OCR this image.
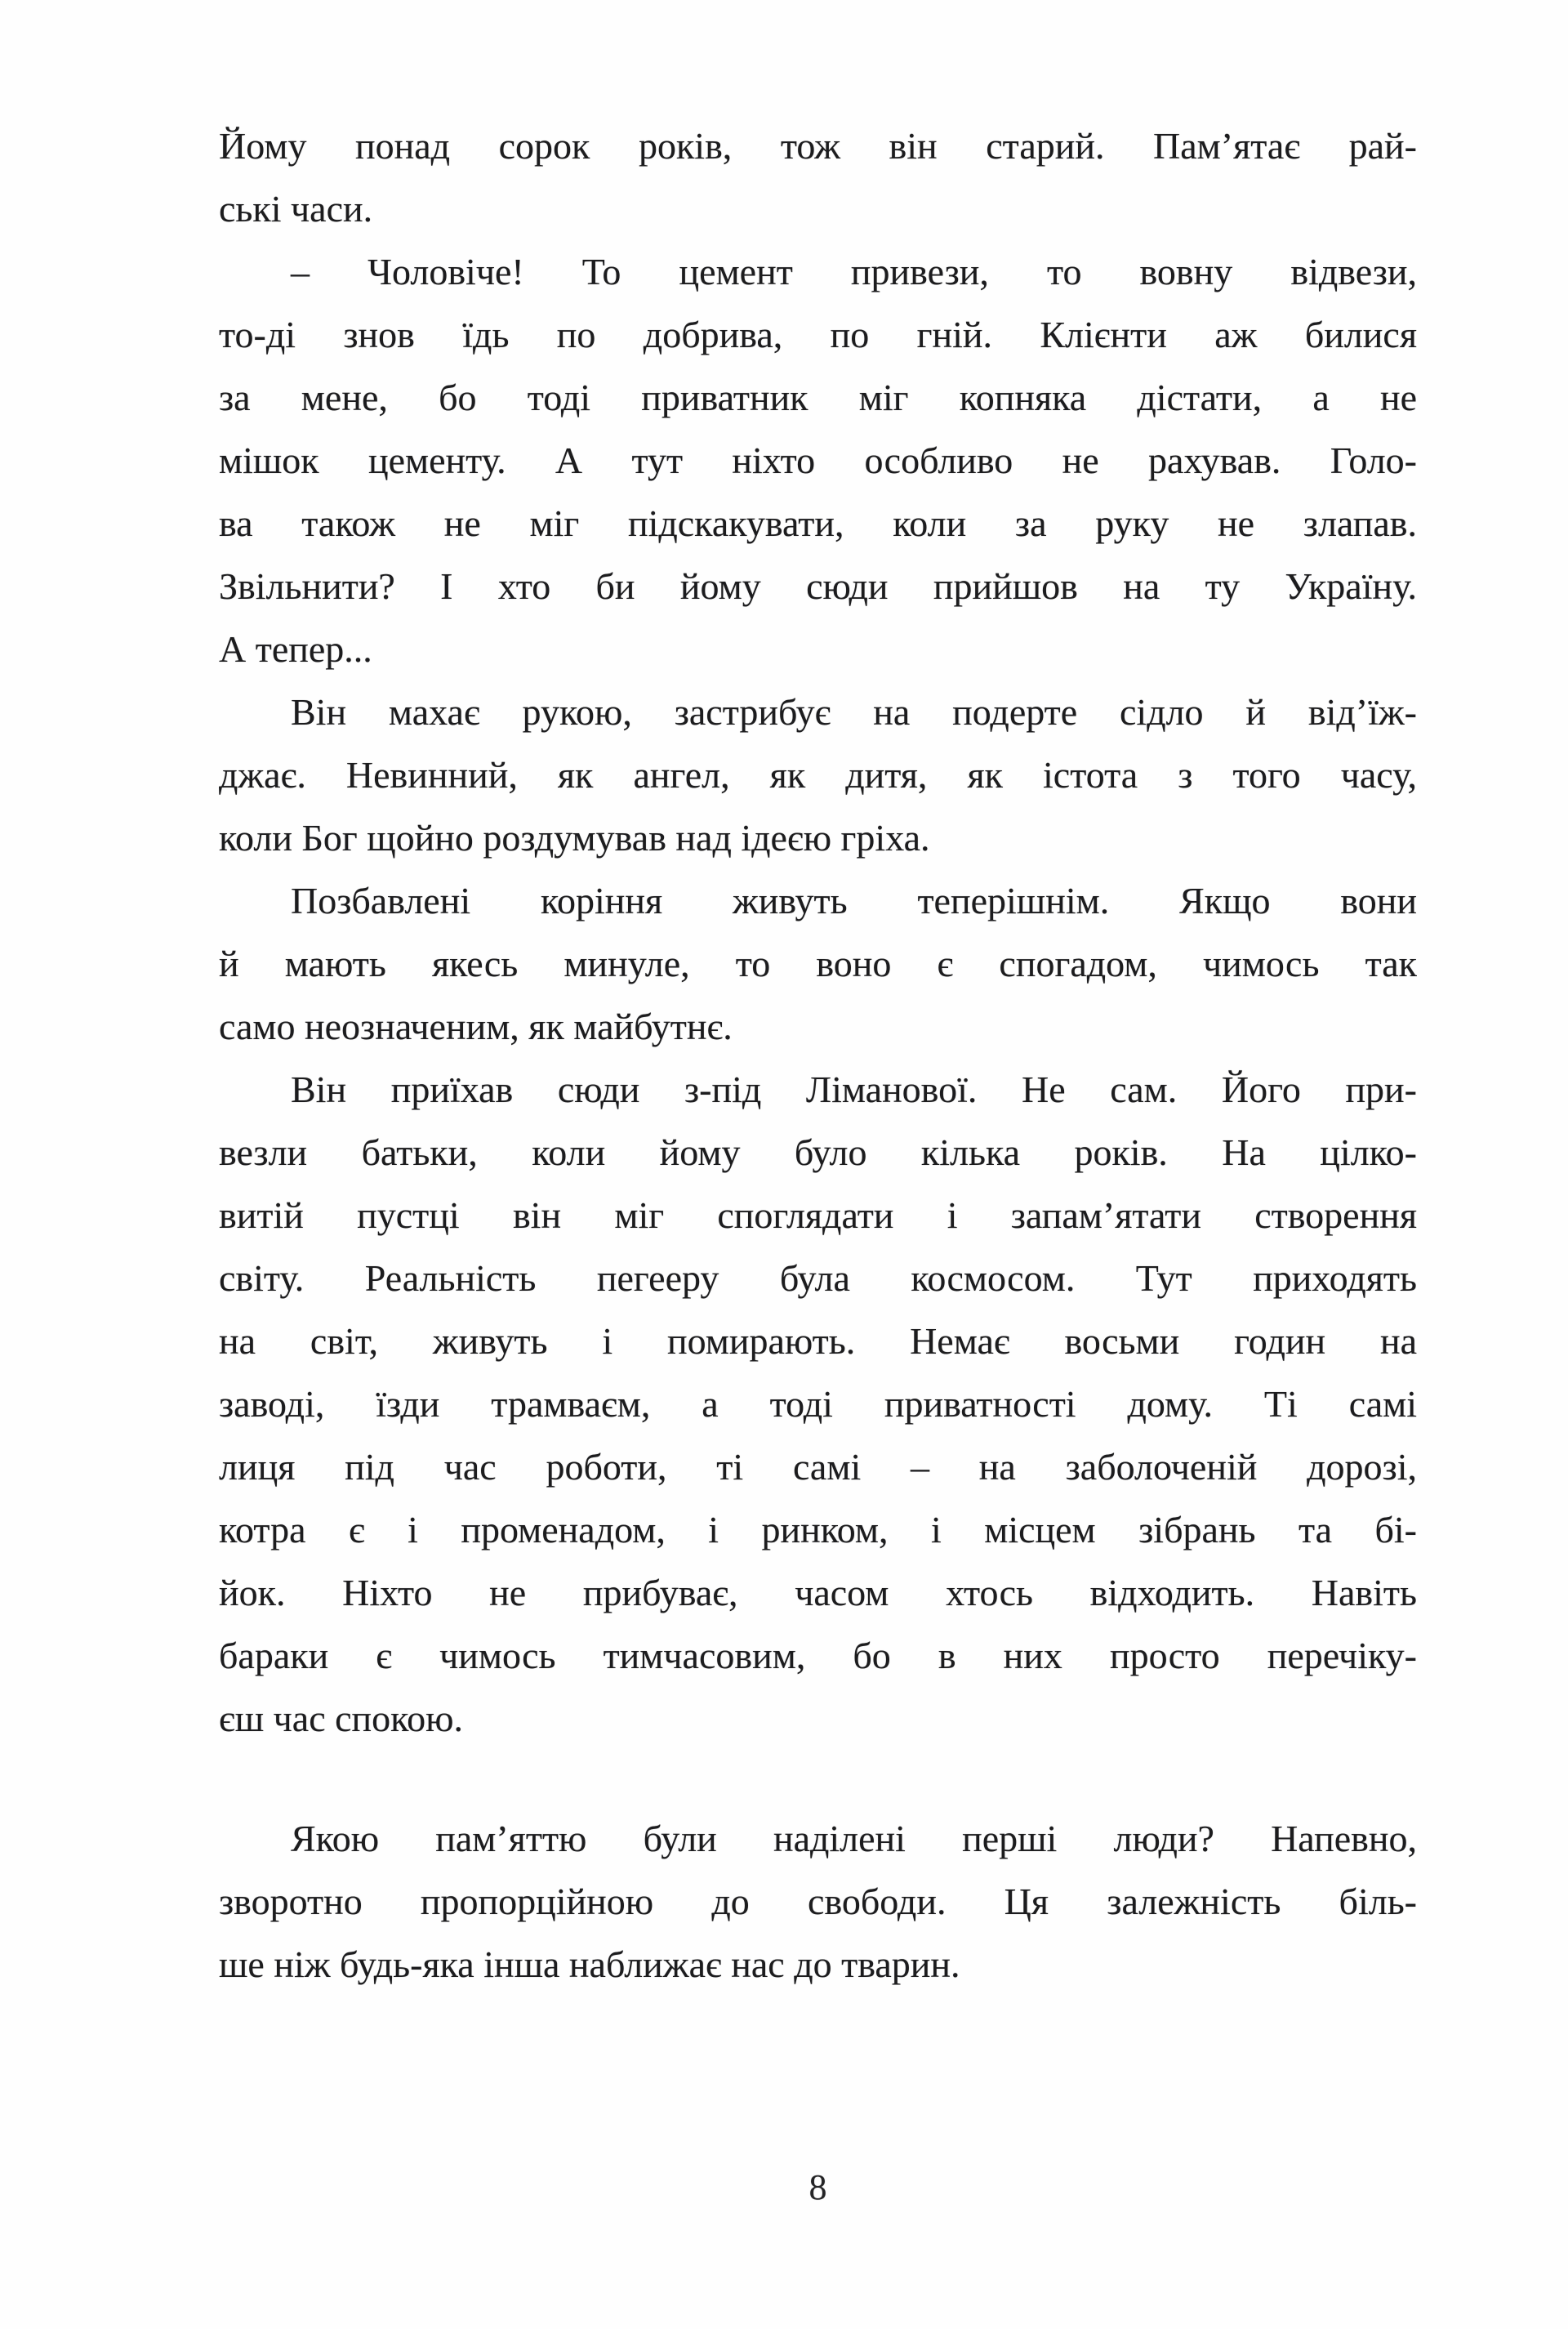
Йому понад сорок років, тож він старий. Пам’ятає рай-
ські часи.
– Чоловіче! То цемент привези, то вовну відвези,
то-ді знов їдь по добрива, по гній. Клієнти аж билися
за мене, бо тоді приватник міг копняка дістати, а не
мішок цементу. А тут ніхто особливо не рахував. Голо-
ва також не міг підскакувати, коли за руку не злапав.
Звільнити? І хто би йому сюди прийшов на ту Україну.
А тепер...
Він махає рукою, застрибує на подерте сідло й від’їж-
джає. Невинний, як ангел, як дитя, як істота з того часу,
коли Бог щойно роздумував над ідеєю гріха.
Позбавлені коріння живуть теперішнім. Якщо вони
й мають якесь минуле, то воно є спогадом, чимось так
само неозначеним, як майбутнє.
Він приїхав сюди з-під Ліманової. Не сам. Його при-
везли батьки, коли йому було кілька років. На цілко-
витій пустці він міг споглядати і запам’ятати створення
світу. Реальність пегееру була космосом. Тут приходять
на світ, живуть і помирають. Немає восьми годин на
заводі, їзди трамваєм, а тоді приватності дому. Ті самі
лиця під час роботи, ті самі – на заболоченій дорозі,
котра є і променадом, і ринком, і місцем зібрань та бі-
йок. Ніхто не прибуває, часом хтось відходить. Навіть
бараки є чимось тимчасовим, бо в них просто перечіку-
єш час спокою.
Якою пам’яттю були наділені перші люди? Напевно,
зворотно пропорційною до свободи. Ця залежність біль-
ше ніж будь-яка інша наближає нас до тварин.
8
